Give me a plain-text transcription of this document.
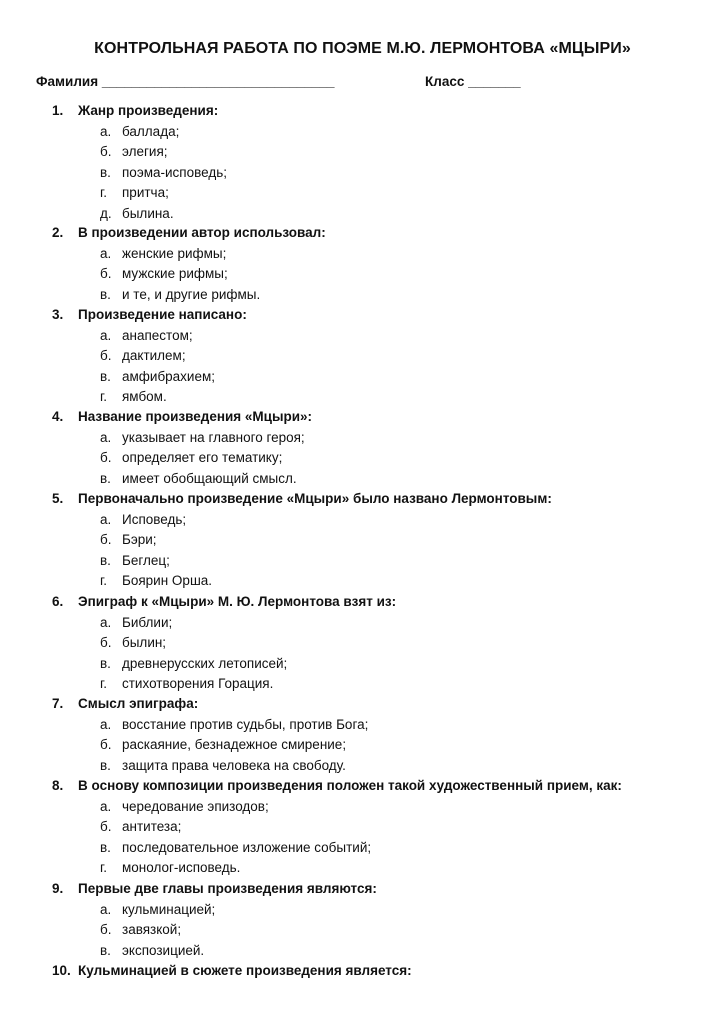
КОНТРОЛЬНАЯ РАБОТА ПО ПОЭМЕ М.Ю. ЛЕРМОНТОВА «МЦЫРИ»
Фамилия _______________________________	Класс _______
1. Жанр произведения:
а. баллада;
б. элегия;
в. поэма-исповедь;
г. притча;
д. былина.
2. В произведении автор использовал:
а. женские рифмы;
б. мужские рифмы;
в. и те, и другие рифмы.
3. Произведение написано:
а. анапестом;
б. дактилем;
в. амфибрахием;
г. ямбом.
4. Название произведения «Мцыри»:
а. указывает на главного героя;
б. определяет его тематику;
в. имеет обобщающий смысл.
5. Первоначально произведение «Мцыри» было названо Лермонтовым:
а. Исповедь;
б. Бэри;
в. Беглец;
г. Боярин Орша.
6. Эпиграф к «Мцыри» М. Ю. Лермонтова взят из:
а. Библии;
б. былин;
в. древнерусских летописей;
г. стихотворения Горация.
7. Смысл эпиграфа:
а. восстание против судьбы, против Бога;
б. раскаяние, безнадежное смирение;
в. защита права человека на свободу.
8. В основу композиции произведения положен такой художественный прием, как:
а. чередование эпизодов;
б. антитеза;
в. последовательное изложение событий;
г. монолог-исповедь.
9. Первые две главы произведения являются:
а. кульминацией;
б. завязкой;
в. экспозицией.
10. Кульминацией в сюжете произведения является:
